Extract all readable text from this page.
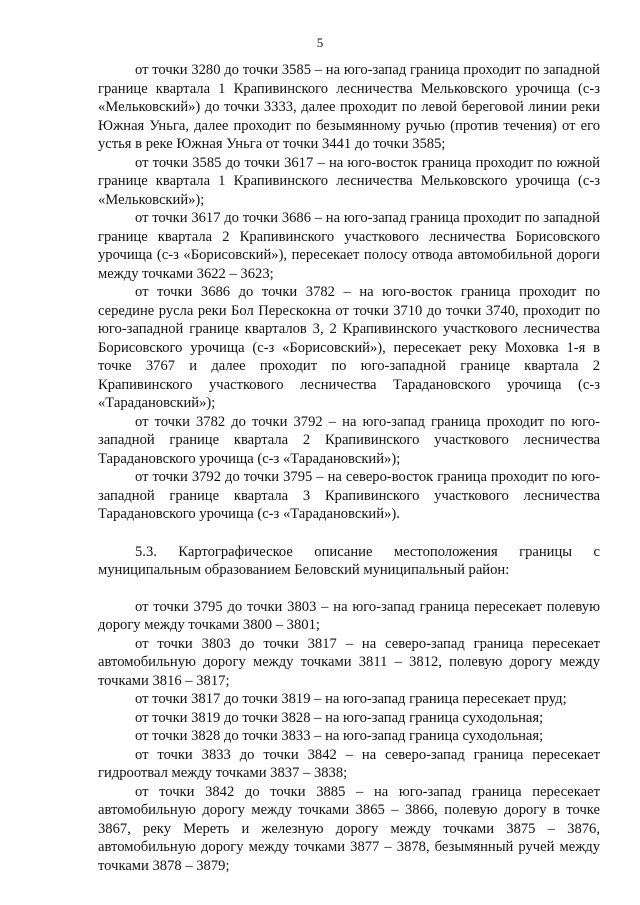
5

от точки 3280 до точки 3585 – на юго-запад граница проходит по западной границе квартала 1 Крапивинского лесничества Мельковского урочища (с-з «Мельковский») до точки 3333, далее проходит по левой береговой линии реки Южная Уньга, далее проходит по безымянному ручью (против течения) от его устья в реке Южная Уньга от точки 3441 до точки 3585;

от точки 3585 до точки 3617 – на юго-восток граница проходит по южной границе квартала 1 Крапивинского лесничества Мельковского урочища (с-з «Мельковский»);

от точки 3617 до точки 3686 – на юго-запад граница проходит по западной границе квартала 2 Крапивинского участкового лесничества Борисовского урочища (с-з «Борисовский»), пересекает полосу отвода автомобильной дороги между точками 3622 – 3623;

от точки 3686 до точки 3782 – на юго-восток граница проходит по середине русла реки Бол Перескокна от точки 3710 до точки 3740, проходит по юго-западной границе кварталов 3, 2 Крапивинского участкового лесничества Борисовского урочища (с-з «Борисовский»), пересекает реку Моховка 1-я в точке 3767 и далее проходит по юго-западной границе квартала 2 Крапивинского участкового лесничества Тарадановского урочища (с-з «Тарадановский»);

от точки 3782 до точки 3792 – на юго-запад граница проходит по юго-западной границе квартала 2 Крапивинского участкового лесничества Тарадановского урочища (с-з «Тарадановский»);

от точки 3792 до точки 3795 – на северо-восток граница проходит по юго-западной границе квартала 3 Крапивинского участкового лесничества Тарадановского урочища (с-з «Тарадановский»).

5.3. Картографическое описание местоположения границы с муниципальным образованием Беловский муниципальный район:

от точки 3795 до точки 3803 – на юго-запад граница пересекает полевую дорогу между точками 3800 – 3801;

от точки 3803 до точки 3817 – на северо-запад граница пересекает автомобильную дорогу между точками 3811 – 3812, полевую дорогу между точками 3816 – 3817;

от точки 3817 до точки 3819 – на юго-запад граница пересекает пруд;

от точки 3819 до точки 3828 – на юго-запад граница суходольная;

от точки 3828 до точки 3833 – на юго-запад граница суходольная;

от точки 3833 до точки 3842 – на северо-запад граница пересекает гидроотвал между точками 3837 – 3838;

от точки 3842 до точки 3885 – на юго-запад граница пересекает автомобильную дорогу между точками 3865 – 3866, полевую дорогу в точке 3867, реку Мереть и железную дорогу между точками 3875 – 3876, автомобильную дорогу между точками 3877 – 3878, безымянный ручей между точками 3878 – 3879;
